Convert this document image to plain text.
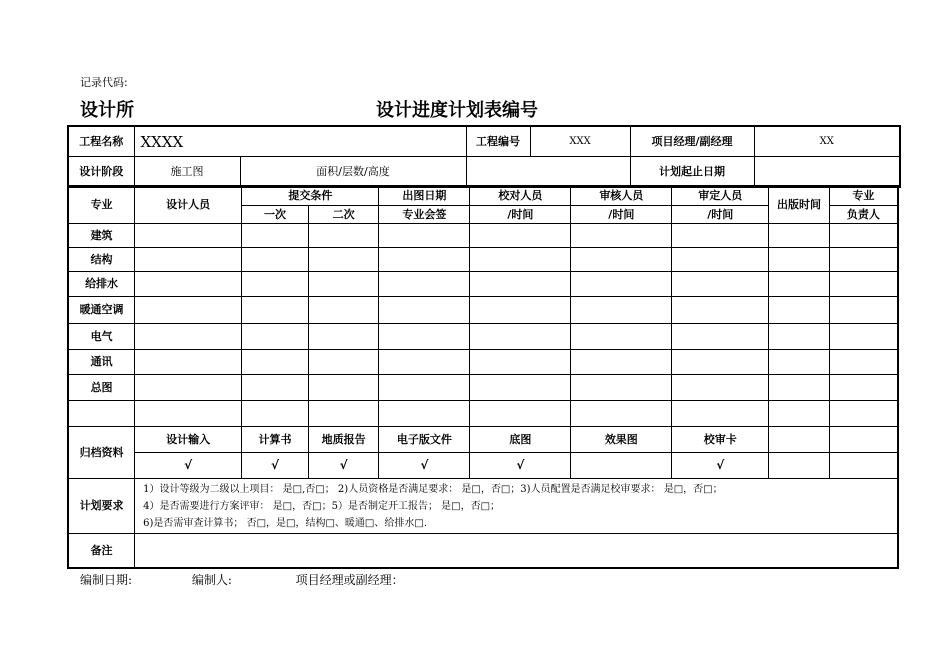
记录代码:
设计所	设计进度计划表编号
工程名称	XXXX		工程编号	XXX	项目经理/副经理	XX
设计阶段	施工图	面积/层数/高度			计划起止日期	
专业	设计人员	提交条件		出图日期	校对人员	审核人员	审定人员	出版时间	专业
		一次	二次	专业会签	/时间	/时间	/时间		负责人
建筑									
结构									
给排水									
暖通空调									
电气									
通讯									
总图									

归档资料	设计输入	计算书	地质报告	电子版文件	底图	效果图	校审卡		
	√	√	√	√	√		√		
计划要求	1）设计等级为二级以上项目： 是□,否□； 2)人员资格是否满足要求： 是□，否□；3)人员配置是否满足校审要求： 是□，否□；
4）是否需要进行方案评审： 是□，否□；5）是否制定开工报告； 是□，否□；
6)是否需审查计算书； 否□，是□，结构□、暖通□、给排水□.								

备注									
编制日期:	编制人:	项目经理或副经理：
